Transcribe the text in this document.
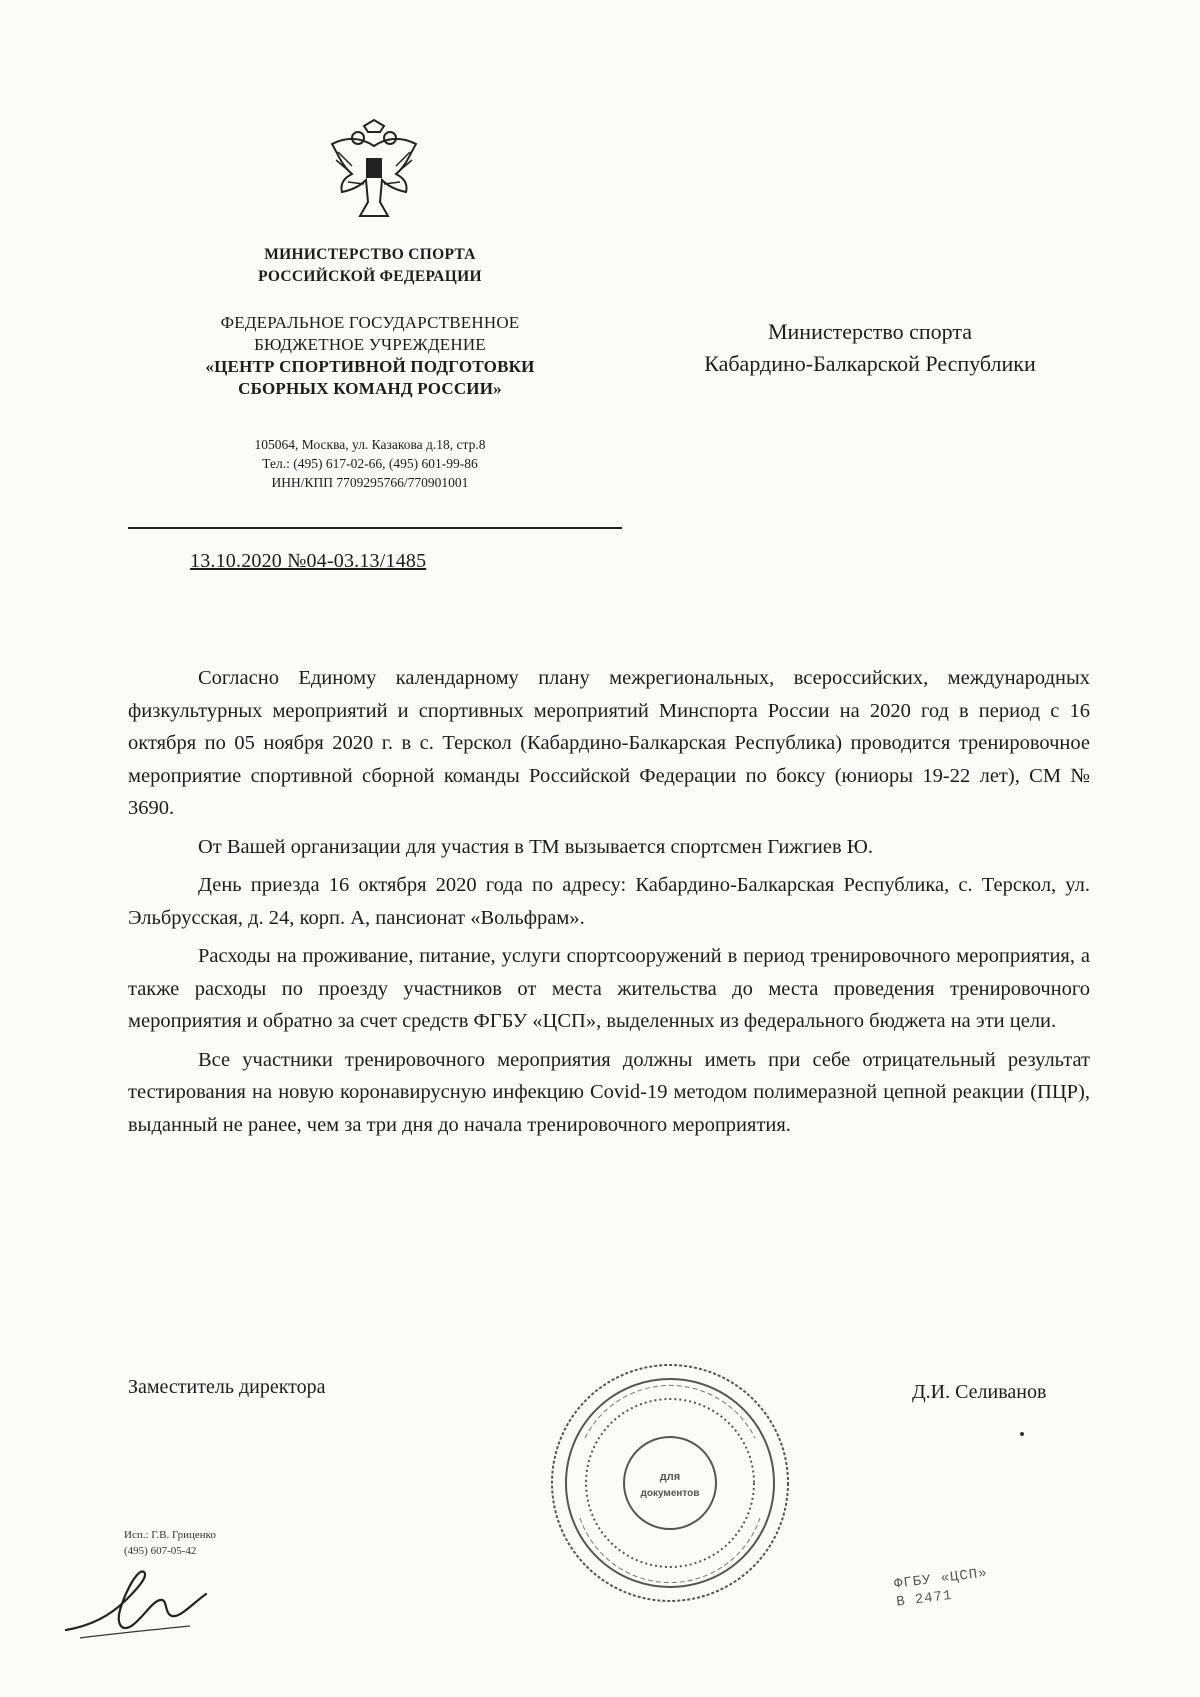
МИНИСТЕРСТВО СПОРТА
РОССИЙСКОЙ ФЕДЕРАЦИИ
ФЕДЕРАЛЬНОЕ ГОСУДАРСТВЕННОЕ
БЮДЖЕТНОЕ УЧРЕЖДЕНИЕ
«ЦЕНТР СПОРТИВНОЙ ПОДГОТОВКИ
СБОРНЫХ КОМАНД РОССИИ»
105064, Москва, ул. Казакова д.18, стр.8
Тел.: (495) 617-02-66, (495) 601-99-86
ИНН/КПП 7709295766/770901001
13.10.2020 №04-03.13/1485
Министерство спорта
Кабардино-Балкарской Республики

Согласно Единому календарному плану межрегиональных, всероссийских, международных физкультурных мероприятий и спортивных мероприятий Минспорта России на 2020 год в период с 16 октября по 05 ноября 2020 г. в с. Терскол (Кабардино-Балкарская Республика) проводится тренировочное мероприятие спортивной сборной команды Российской Федерации по боксу (юниоры 19-22 лет), СМ № 3690.

От Вашей организации для участия в ТМ вызывается спортсмен Гижгиев Ю.

День приезда 16 октября 2020 года по адресу: Кабардино-Балкарская Республика, с. Терскол, ул. Эльбрусская, д. 24, корп. А, пансионат «Вольфрам».

Расходы на проживание, питание, услуги спортсооружений в период тренировочного мероприятия, а также расходы по проезду участников от места жительства до места проведения тренировочного мероприятия и обратно за счет средств ФГБУ «ЦСП», выделенных из федерального бюджета на эти цели.

Все участники тренировочного мероприятия должны иметь при себе отрицательный результат тестирования на новую коронавирусную инфекцию Covid-19 методом полимеразной цепной реакции (ПЦР), выданный не ранее, чем за три дня до начала тренировочного мероприятия.

Заместитель директора	Д.И. Селиванов
для
документов
Исп.: Г.В. Гриценко
(495) 607-05-42
ФГБУ «ЦСП»
В 2471
